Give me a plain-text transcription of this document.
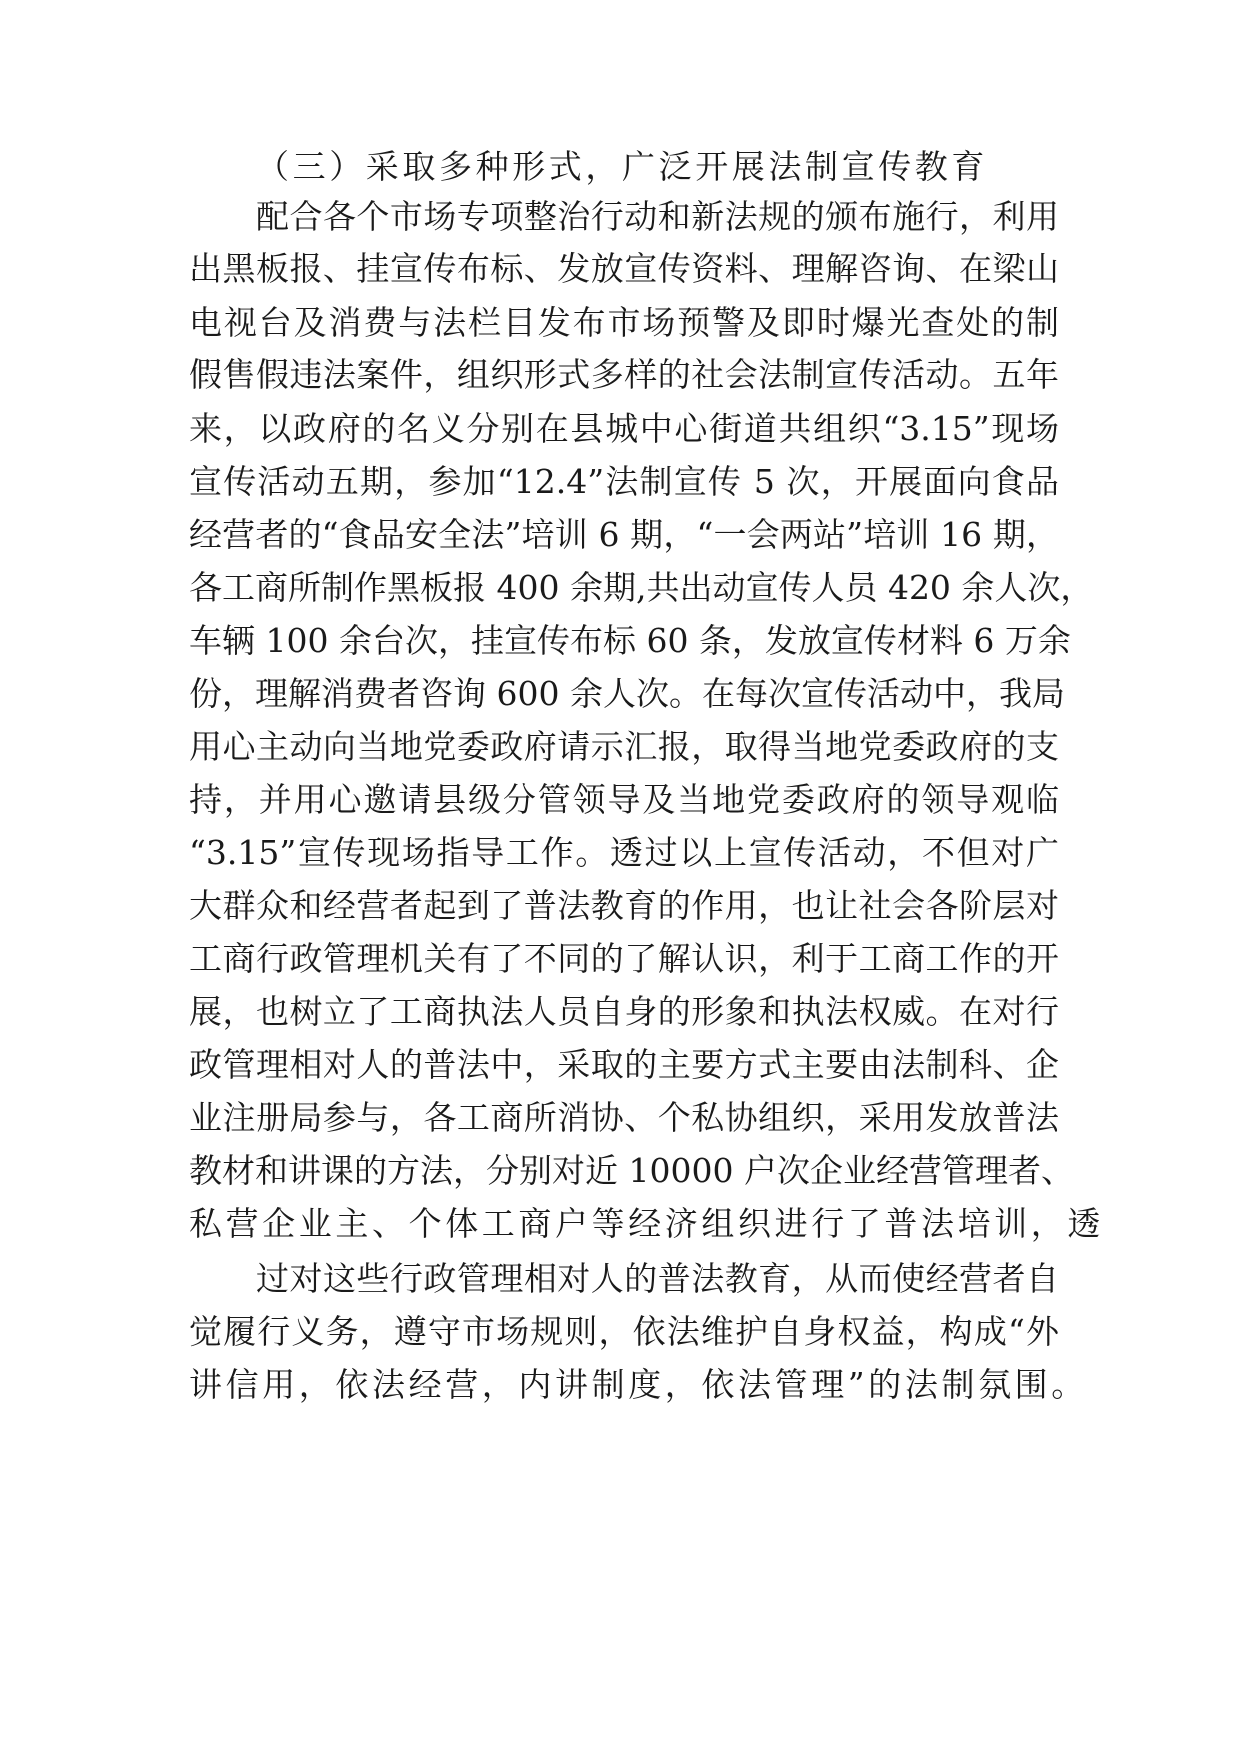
（三）采取多种形式，广泛开展法制宣传教育
配合各个市场专项整治行动和新法规的颁布施行，利用
出黑板报、挂宣传布标、发放宣传资料、理解咨询、在梁山
电视台及消费与法栏目发布市场预警及即时爆光查处的制
假售假违法案件，组织形式多样的社会法制宣传活动。五年
来，以政府的名义分别在县城中心街道共组织“3.15”现场
宣传活动五期，参加“12.4”法制宣传 5 次，开展面向食品
经营者的“食品安全法”培训 6 期，“一会两站”培训 16 期，
各工商所制作黑板报 400 余期,共出动宣传人员 420 余人次，
车辆 100 余台次，挂宣传布标 60 条，发放宣传材料 6 万余
份，理解消费者咨询 600 余人次。在每次宣传活动中，我局
用心主动向当地党委政府请示汇报，取得当地党委政府的支
持，并用心邀请县级分管领导及当地党委政府的领导观临
“3.15”宣传现场指导工作。透过以上宣传活动，不但对广
大群众和经营者起到了普法教育的作用，也让社会各阶层对
工商行政管理机关有了不同的了解认识，利于工商工作的开
展，也树立了工商执法人员自身的形象和执法权威。在对行
政管理相对人的普法中，采取的主要方式主要由法制科、企
业注册局参与，各工商所消协、个私协组织，采用发放普法
教材和讲课的方法，分别对近 10000 户次企业经营管理者、
私营企业主、个体工商户等经济组织进行了普法培训，透
过对这些行政管理相对人的普法教育，从而使经营者自
觉履行义务，遵守市场规则，依法维护自身权益，构成“外
讲信用，依法经营，内讲制度，依法管理”的法制氛围。
